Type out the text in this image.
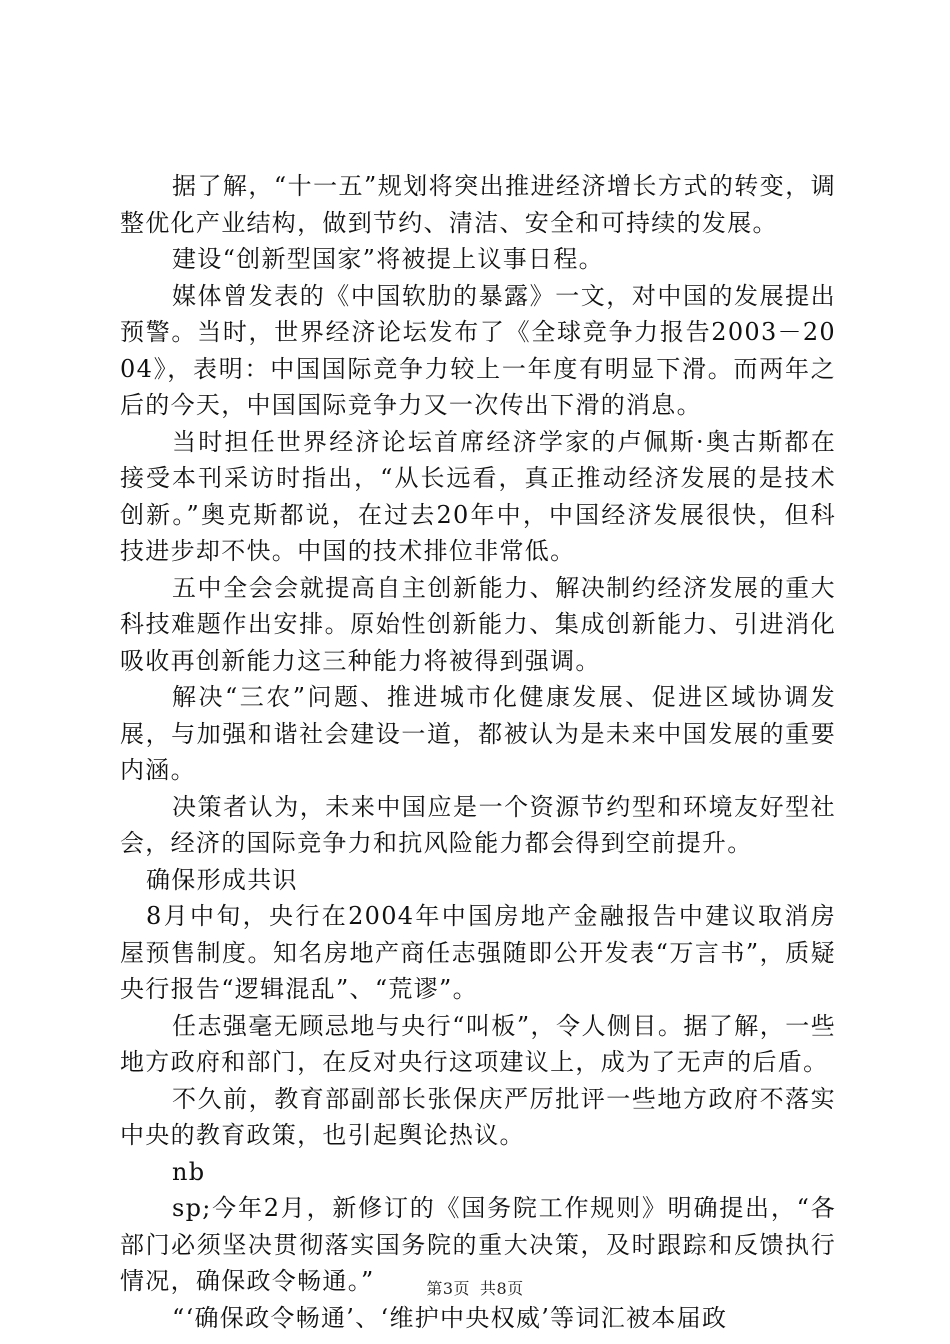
据了解，“十一五”规划将突出推进经济增长方式的转变，调整优化产业结构，做到节约、清洁、安全和可持续的发展。

建设“创新型国家”将被提上议事日程。

媒体曾发表的《中国软肋的暴露》一文，对中国的发展提出预警。当时，世界经济论坛发布了《全球竞争力报告2003－2004》，表明：中国国际竞争力较上一年度有明显下滑。而两年之后的今天，中国国际竞争力又一次传出下滑的消息。

当时担任世界经济论坛首席经济学家的卢佩斯·奥古斯都在接受本刊采访时指出，“从长远看，真正推动经济发展的是技术创新。”奥克斯都说，在过去20年中，中国经济发展很快，但科技进步却不快。中国的技术排位非常低。

五中全会会就提高自主创新能力、解决制约经济发展的重大科技难题作出安排。原始性创新能力、集成创新能力、引进消化吸收再创新能力这三种能力将被得到强调。

解决“三农”问题、推进城市化健康发展、促进区域协调发展，与加强和谐社会建设一道，都被认为是未来中国发展的重要内涵。

决策者认为，未来中国应是一个资源节约型和环境友好型社会，经济的国际竞争力和抗风险能力都会得到空前提升。

确保形成共识

8月中旬，央行在2004年中国房地产金融报告中建议取消房屋预售制度。知名房地产商任志强随即公开发表“万言书”，质疑央行报告“逻辑混乱”、“荒谬”。

任志强毫无顾忌地与央行“叫板”，令人侧目。据了解，一些地方政府和部门，在反对央行这项建议上，成为了无声的后盾。

不久前，教育部副部长张保庆严厉批评一些地方政府不落实中央的教育政策，也引起舆论热议。

nb

sp;今年2月，新修订的《国务院工作规则》明确提出，“各部门必须坚决贯彻落实国务院的重大决策，及时跟踪和反馈执行情况，确保政令畅通。”

“‘确保政令畅通’、‘维护中央权威’等词汇被本届政

第3页 共8页
